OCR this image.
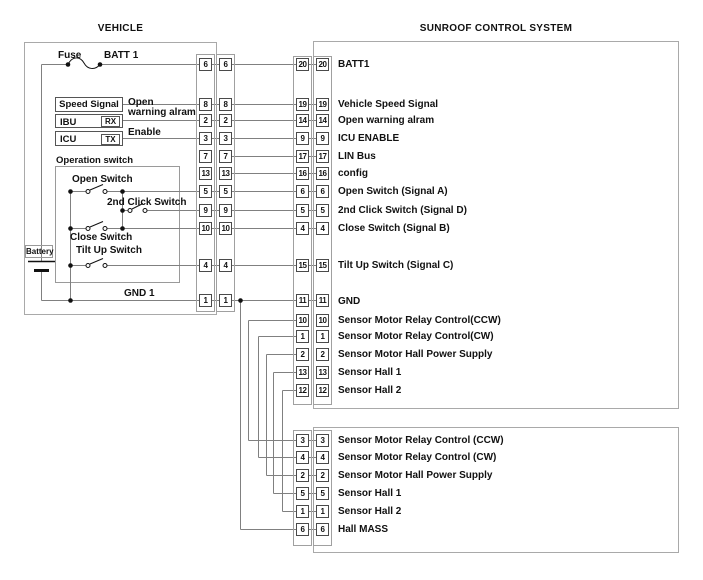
VEHICLE	SUNROOF CONTROL SYSTEM
Fuse BATT 1
Speed Signal
IBU	RX
ICU	TX
Open
warning alram
Enable
Operation switch
Open Switch
2nd Click Switch
Close Switch
Tilt Up Switch
GND 1
Battery
6	6
8	8
2	2
3	3
7	7
13	13
5	5
9	9
10	10
4	4
1	1
20	20 BATT1
19	19 Vehicle Speed Signal
14	14 Open warning alram
9	9	ICU ENABLE
17	17 LIN Bus
16	16 config
6	6	Open Switch (Signal A)
5	5	2nd Click Switch (Signal D)
4	4	Close Switch (Signal B)
15	15 Tilt Up Switch (Signal C)
11	11 GND
10	10 Sensor Motor Relay Control(CCW)
1	1	Sensor Motor Relay Control(CW)
2	2	Sensor Motor Hall Power Supply
13	13 Sensor Hall 1
12	12 Sensor Hall 2
3	3	Sensor Motor Relay Control (CCW)
4	4	Sensor Motor Relay Control (CW)
2	2	Sensor Motor Hall Power Supply
5	5	Sensor Hall 1
1	1	Sensor Hall 2
6	6	Hall MASS
